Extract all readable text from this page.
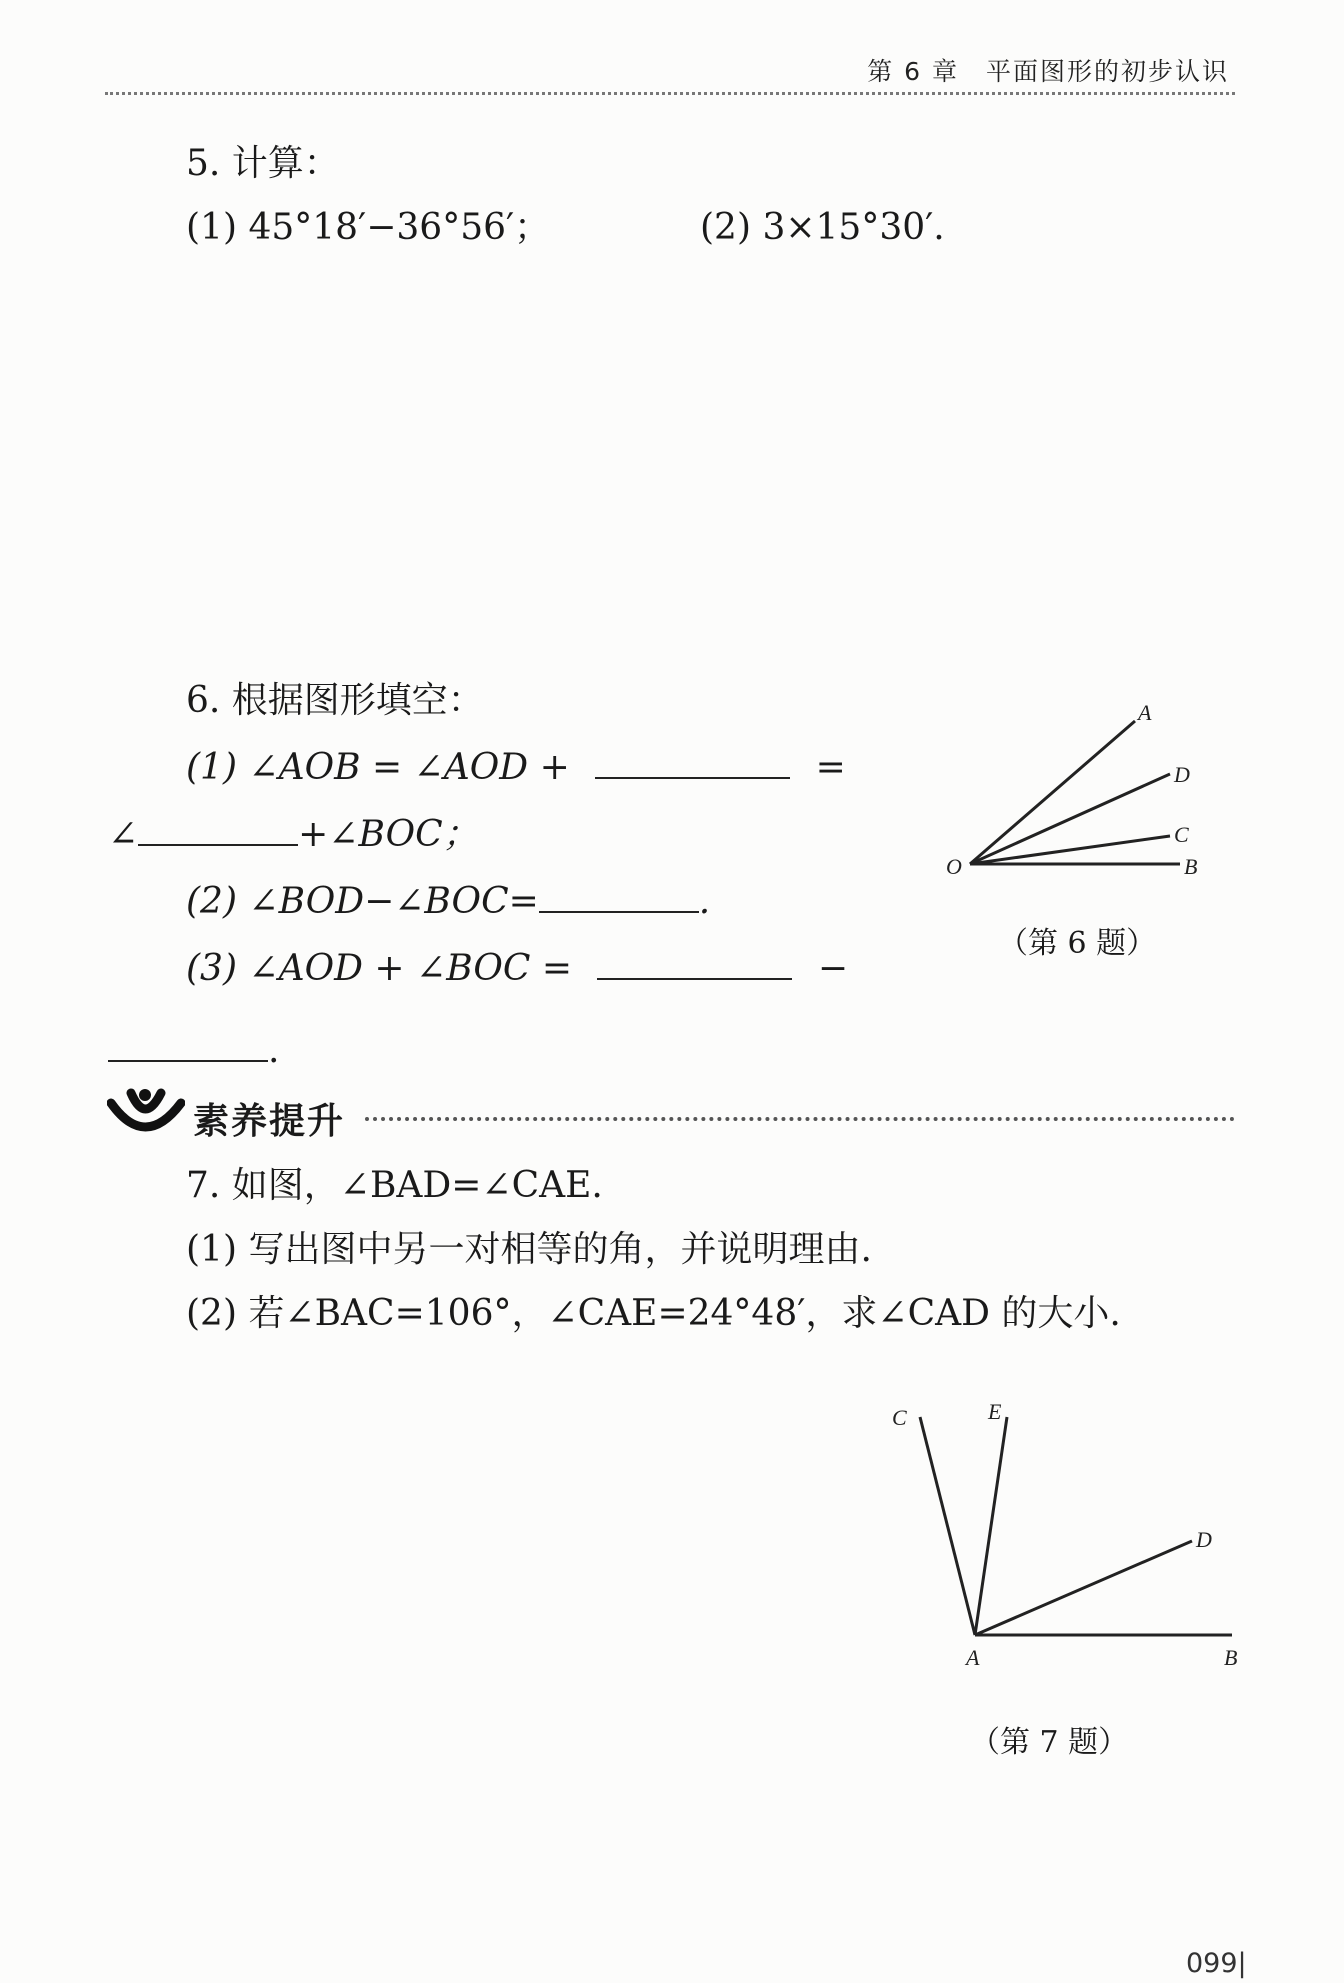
第 6 章　平面图形的初步认识
5. 计算：
(1) 45°18′−36°56′；	(2) 3×15°30′.
6. 根据图形填空：
(1) ∠AOB = ∠AOD +	=
∠	+∠BOC；
(2) ∠BOD−∠BOC=	.
(3) ∠AOD + ∠BOC =	−
.
A
D
C
O	B
（第 6 题）
素养提升
7. 如图，∠BAD=∠CAE.
(1) 写出图中另一对相等的角，并说明理由.
(2) 若∠BAC=106°，∠CAE=24°48′，求∠CAD 的大小.
C	E
D
A	B
（第 7 题）
099|
